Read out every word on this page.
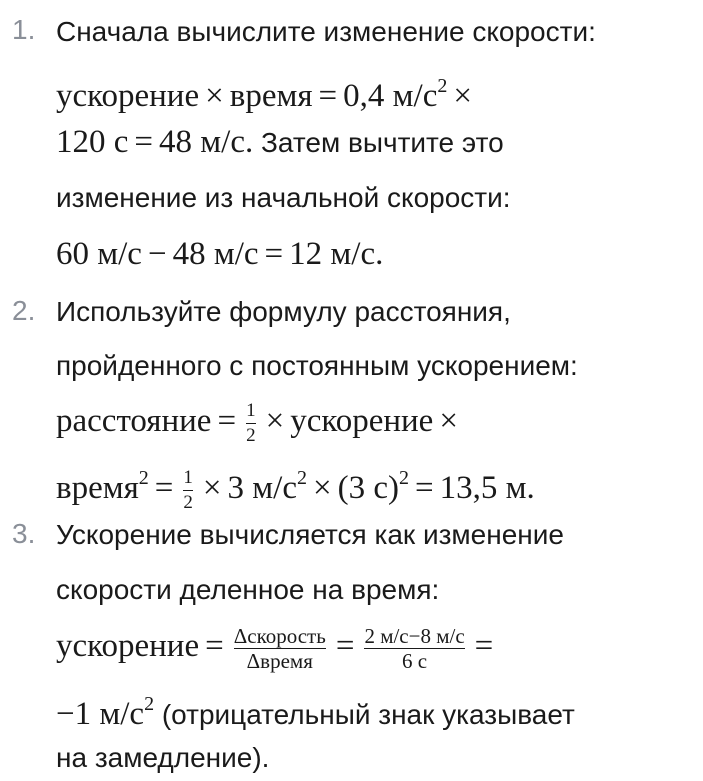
1. Сначала вычислите изменение скорости:
ускорение × время = 0,4 $м/с^2$ ×
120 с = 48 м/с. Затем вычтите это
изменение из начальной скорости:
60 м/с − 48 м/с = 12 м/с.
2. Используйте формулу расстояния,
пройденного с постоянным ускорением:
расстояние = $\frac{1}{2}$ × ускорение ×
время$^2$ = $\frac{1}{2} \times 3$ $м/с^2 \times (3$ с)$^2$ = 13,5 м.
3. Ускорение вычисляется как изменение
скорости деленное на время:
ускорение = $\frac{\text{Δскорость}}{\text{Δвремя}} = \frac{2 м/с-8 м/с}{6 с}$ =
−1 $м/с^2$ (отрицательный знак указывает
на замедление).
